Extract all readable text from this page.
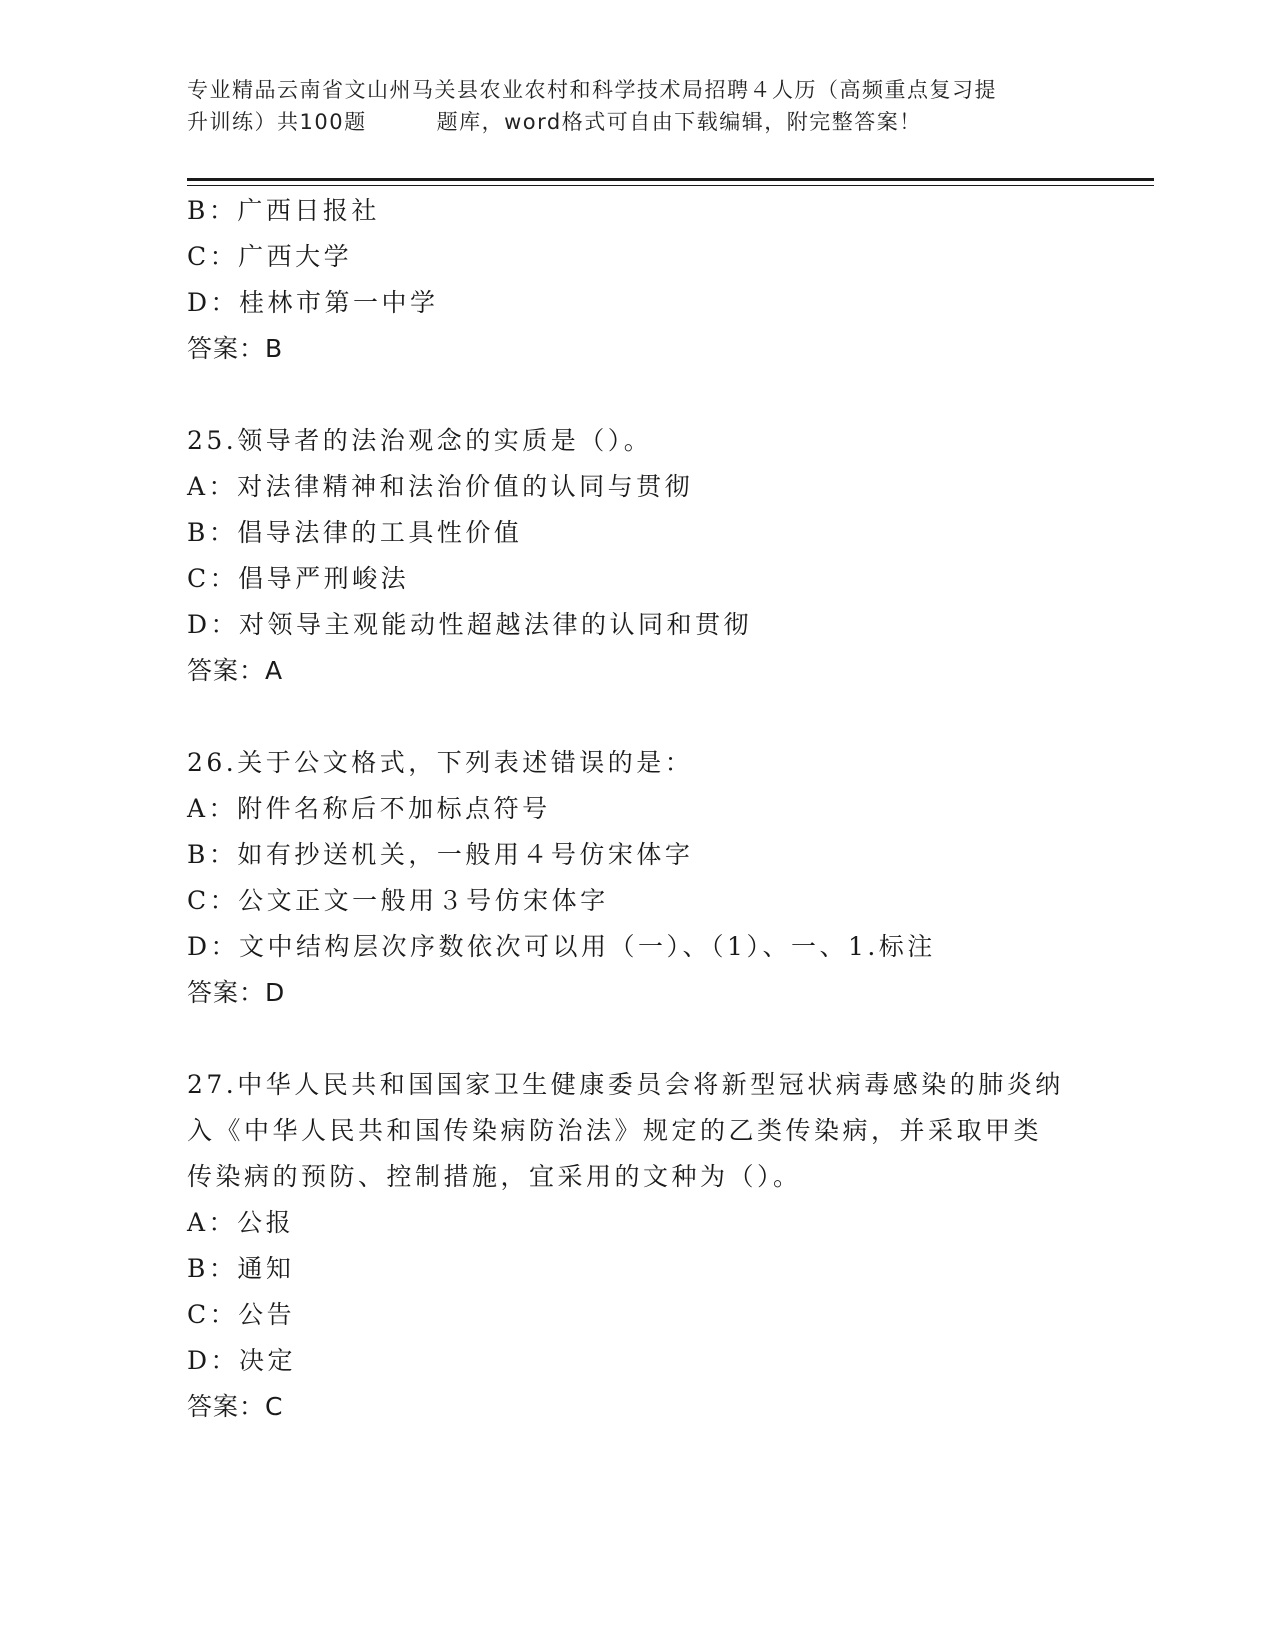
专业精品云南省文山州马关县农业农村和科学技术局招聘４人历（高频重点复习提
升训练）共100题	题库，word格式可自由下载编辑，附完整答案！
B：广西日报社
C：广西大学
D：桂林市第一中学
答案：B
25.领导者的法治观念的实质是（）。
A：对法律精神和法治价值的认同与贯彻
B：倡导法律的工具性价值
C：倡导严刑峻法
D：对领导主观能动性超越法律的认同和贯彻
答案：A
26.关于公文格式，下列表述错误的是：
A：附件名称后不加标点符号
B：如有抄送机关，一般用４号仿宋体字
C：公文正文一般用３号仿宋体字
D：文中结构层次序数依次可以用（一）、（1）、一、1.标注
答案：D
27.中华人民共和国国家卫生健康委员会将新型冠状病毒感染的肺炎纳
入《中华人民共和国传染病防治法》规定的乙类传染病，并采取甲类
传染病的预防、控制措施，宜采用的文种为（）。
A：公报
B：通知
C：公告
D：决定
答案：C
